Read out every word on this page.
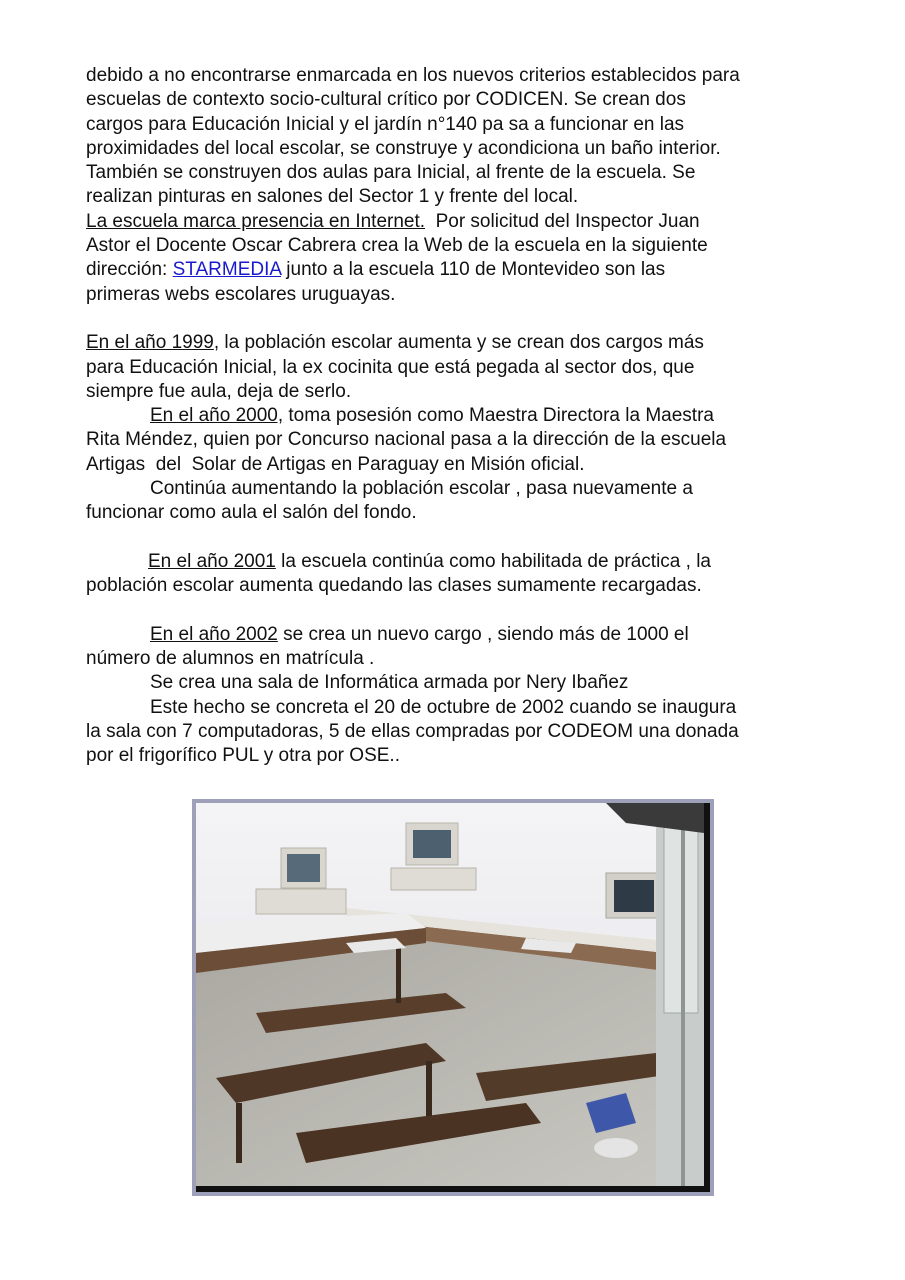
debido a no encontrarse enmarcada en los nuevos criterios establecidos para
escuelas de contexto socio-cultural crítico por CODICEN. Se crean dos
cargos para Educación Inicial y el jardín n°140 pa sa a funcionar en las
proximidades del local escolar, se construye y acondiciona un baño interior.
También se construyen dos aulas para Inicial, al frente de la escuela. Se
realizan pinturas en salones del Sector 1 y frente del local.
La escuela marca presencia en Internet.  Por solicitud del Inspector Juan
Astor el Docente Oscar Cabrera crea la Web de la escuela en la siguiente
dirección: STARMEDIA junto a la escuela 110 de Montevideo son las
primeras webs escolares uruguayas.
En el año 1999, la población escolar aumenta y se crean dos cargos más
para Educación Inicial, la ex cocinita que está pegada al sector dos, que
siempre fue aula, deja de serlo.
En el año 2000, toma posesión como Maestra Directora la Maestra
Rita Méndez, quien por Concurso nacional pasa a la dirección de la escuela
Artigas  del  Solar de Artigas en Paraguay en Misión oficial.
Continúa aumentando la población escolar , pasa nuevamente a
funcionar como aula el salón del fondo.
En el año 2001 la escuela continúa como habilitada de práctica , la
población escolar aumenta quedando las clases sumamente recargadas.
En el año 2002 se crea un nuevo cargo , siendo más de 1000 el
número de alumnos en matrícula .
Se crea una sala de Informática armada por Nery Ibañez
Este hecho se concreta el 20 de octubre de 2002 cuando se inaugura
la sala con 7 computadoras, 5 de ellas compradas por CODEOM una donada
por el frigorífico PUL y otra por OSE..
